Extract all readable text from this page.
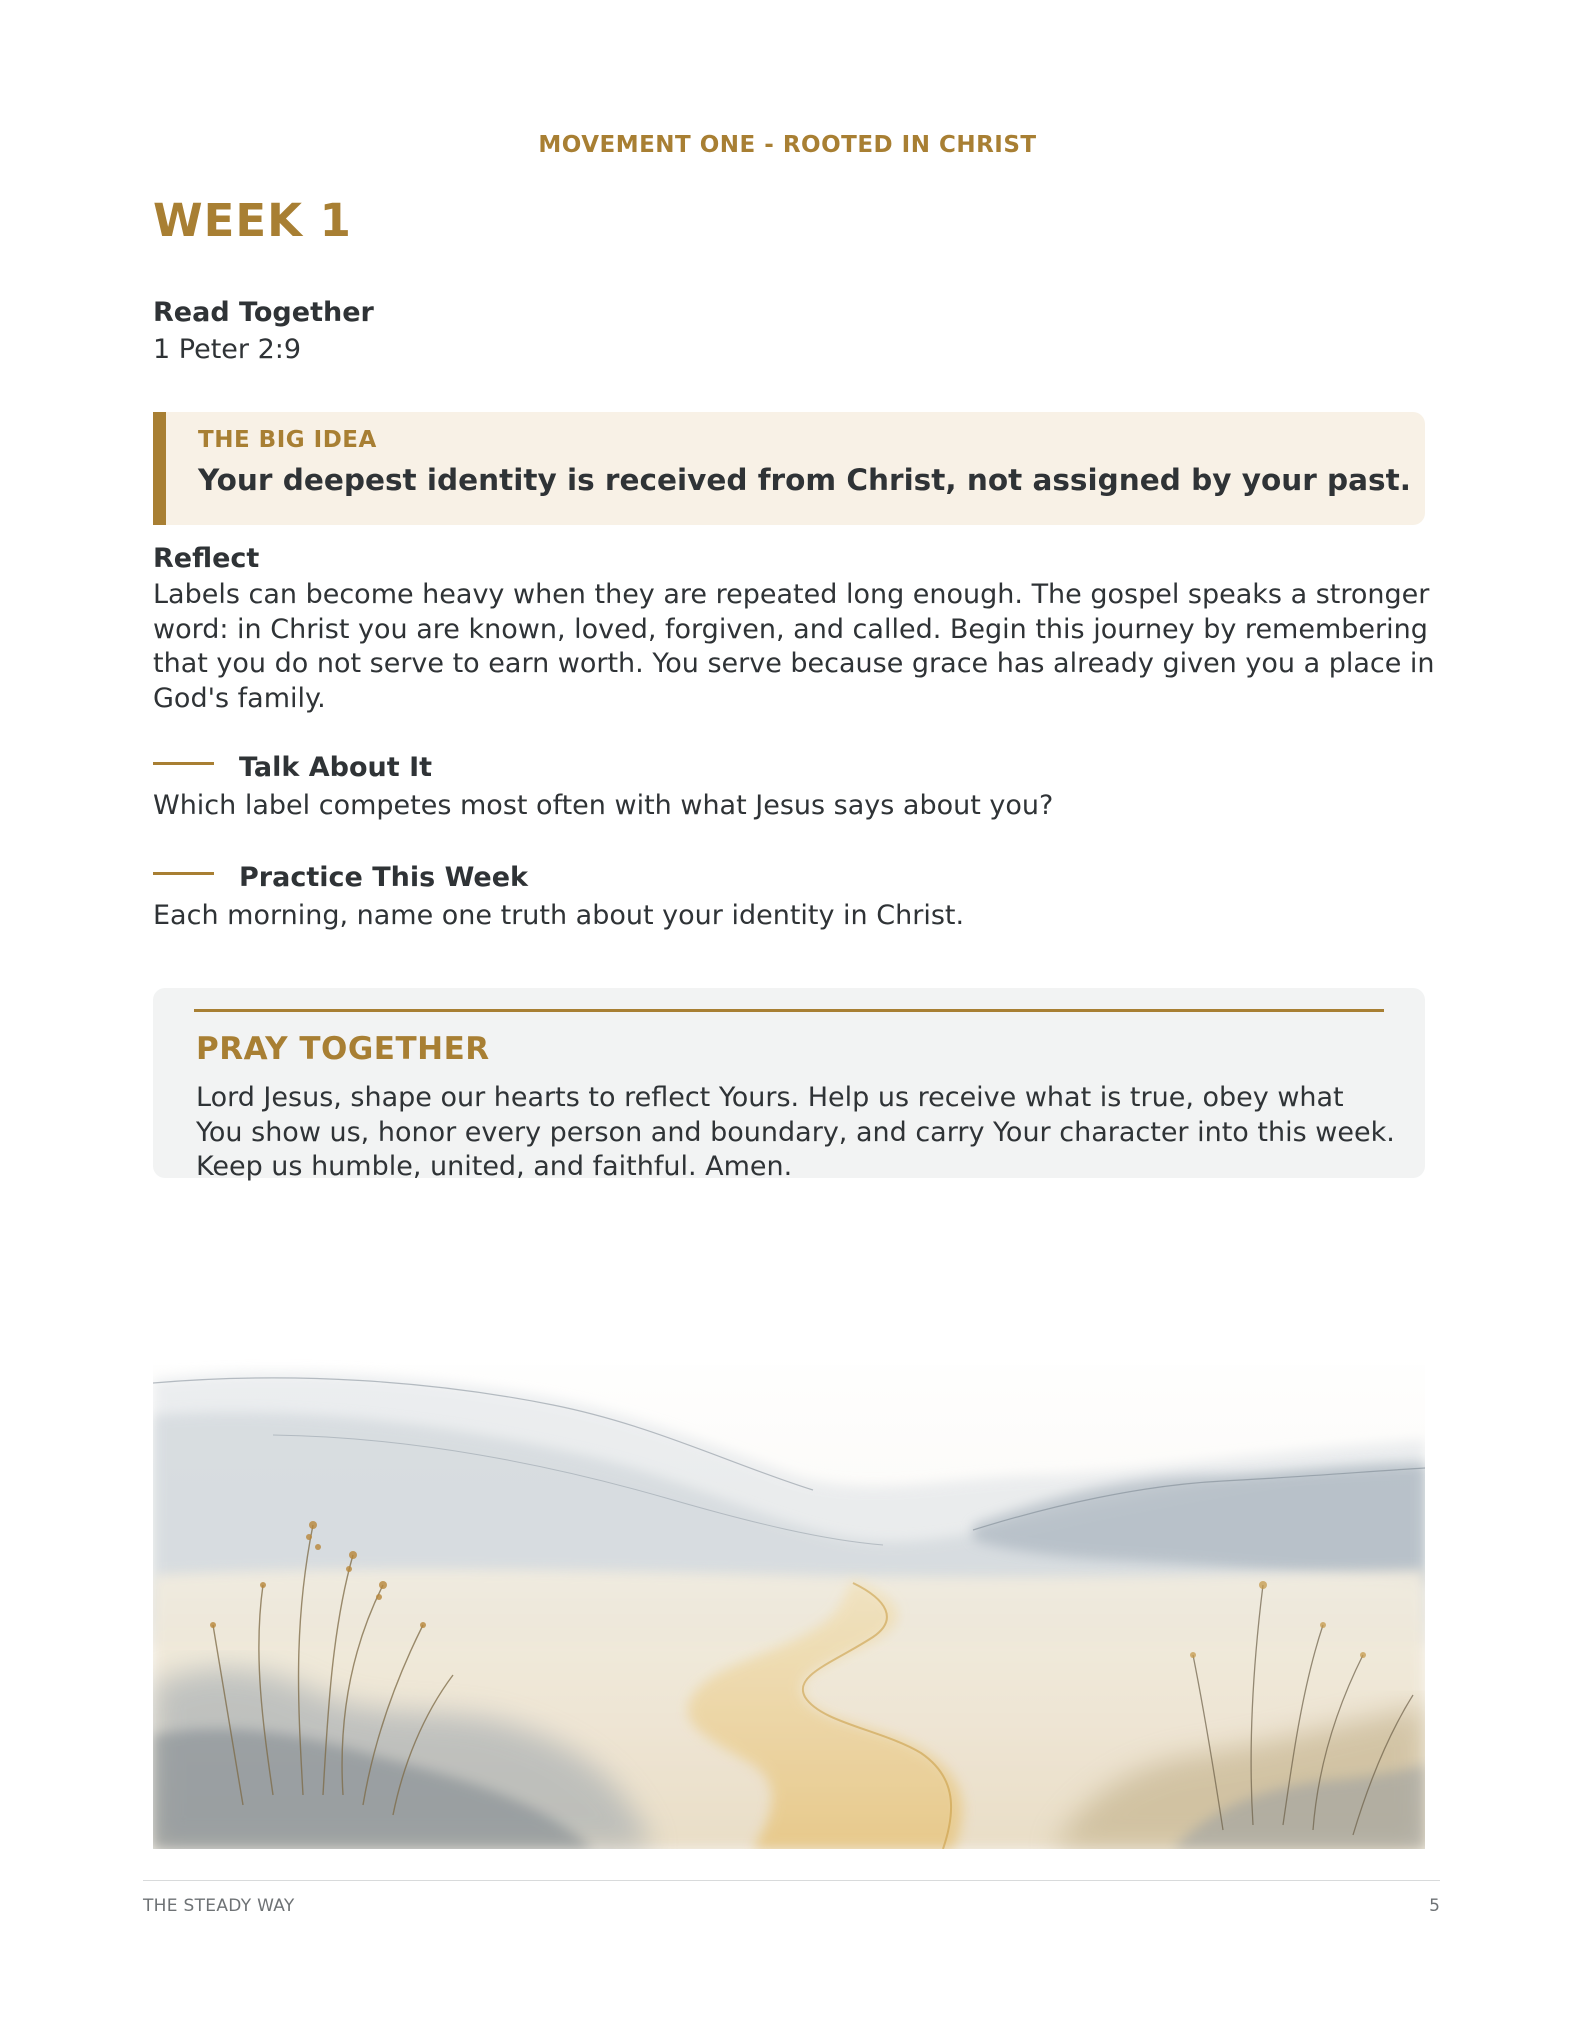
MOVEMENT ONE - ROOTED IN CHRIST
WEEK 1
Read Together
1 Peter 2:9
THE BIG IDEA
Your deepest identity is received from Christ, not assigned by your past.
Reflect
Labels can become heavy when they are repeated long enough. The gospel speaks a stronger word: in Christ you are known, loved, forgiven, and called. Begin this journey by remembering that you do not serve to earn worth. You serve because grace has already given you a place in God's family.
Talk About It
Which label competes most often with what Jesus says about you?
Practice This Week
Each morning, name one truth about your identity in Christ.
PRAY TOGETHER
Lord Jesus, shape our hearts to reflect Yours. Help us receive what is true, obey what You show us, honor every person and boundary, and carry Your character into this week. Keep us humble, united, and faithful. Amen.
THE STEADY WAY	5
